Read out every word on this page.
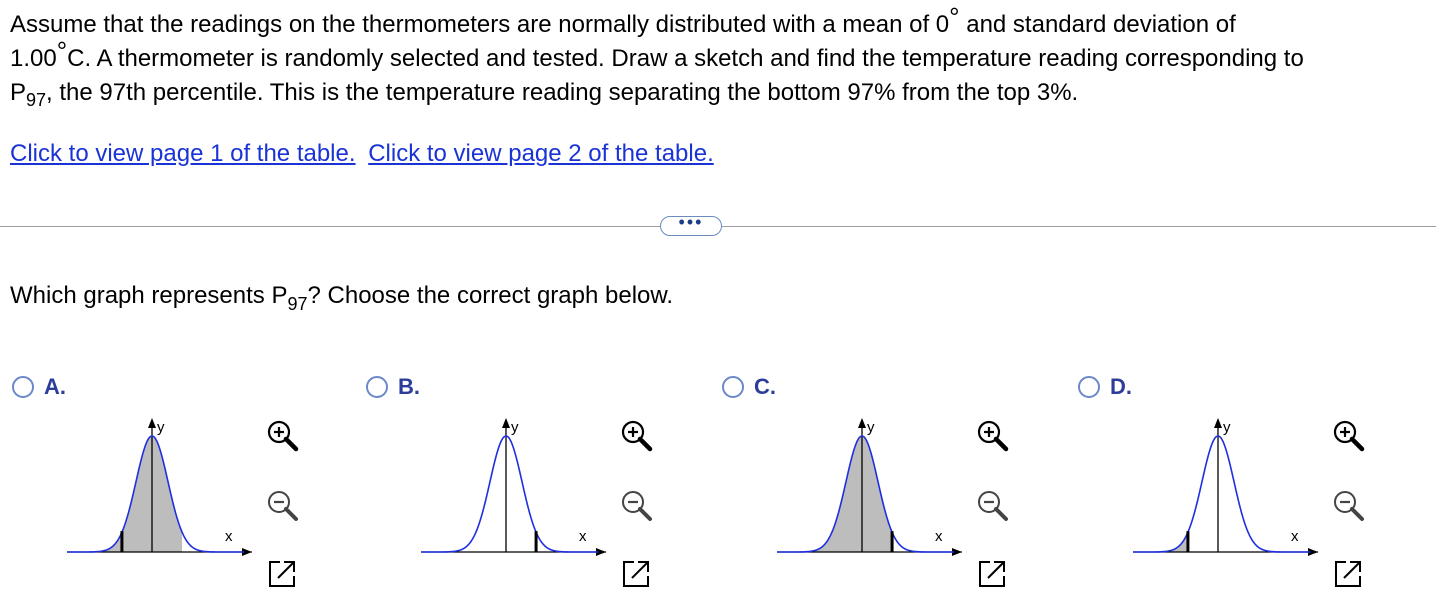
Assume that the readings on the thermometers are normally distributed with a mean of 0° and standard deviation of
1.00°C. A thermometer is randomly selected and tested. Draw a sketch and find the temperature reading corresponding to
$P_{97}$, the 97th percentile. This is the temperature reading separating the bottom 97% from the top 3%.
Click to view page 1 of the table. Click to view page 2 of the table.
•••
Which graph represents $P_{97}$? Choose the correct graph below.
A.
y
x
B.
y
x
C.
y
x
D.
y
x
